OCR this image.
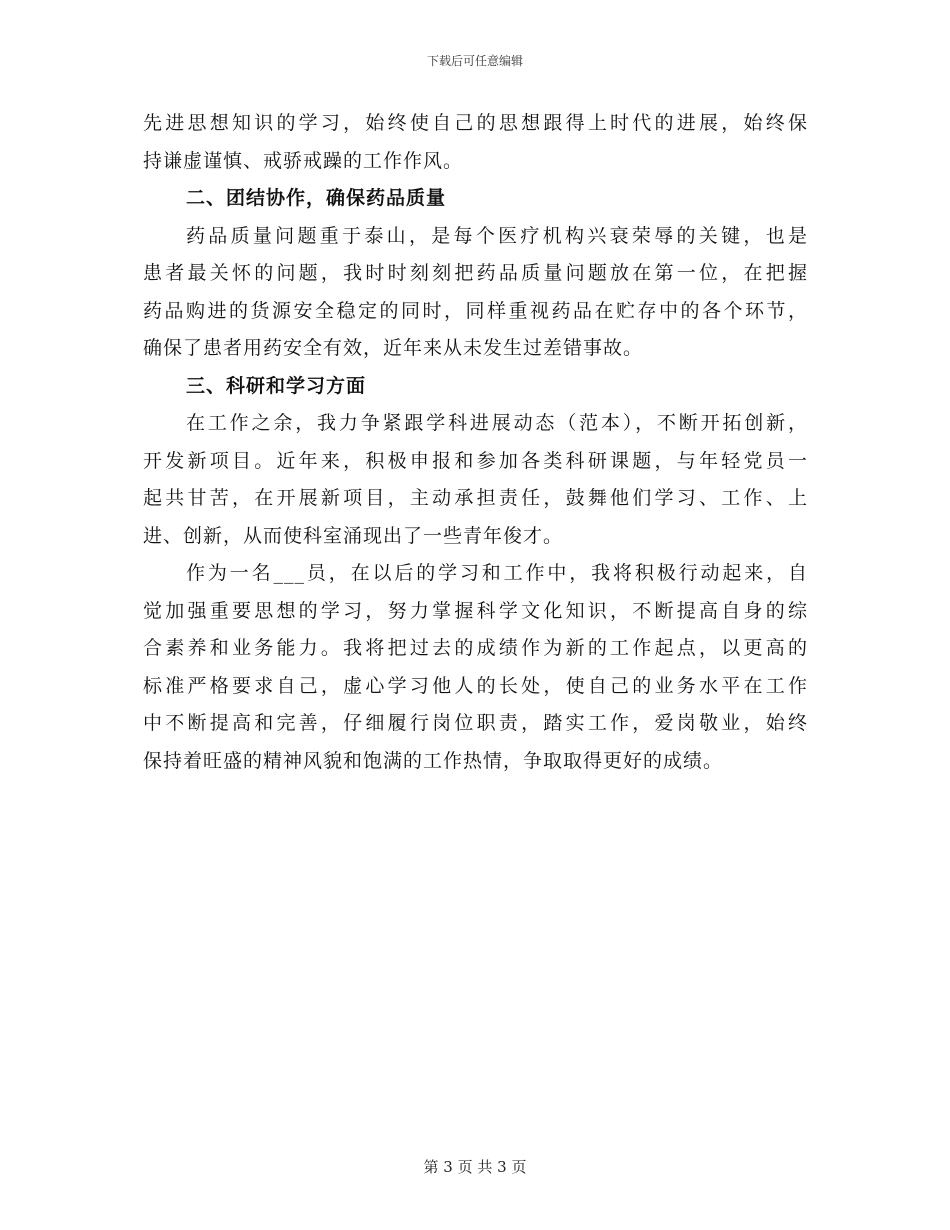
下载后可任意编辑
先进思想知识的学习，始终使自己的思想跟得上时代的进展，始终保
持谦虚谨慎、戒骄戒躁的工作作风。
二、团结协作，确保药品质量
药品质量问题重于泰山，是每个医疗机构兴衰荣辱的关键，也是
患者最关怀的问题，我时时刻刻把药品质量问题放在第一位，在把握
药品购进的货源安全稳定的同时，同样重视药品在贮存中的各个环节，
确保了患者用药安全有效，近年来从未发生过差错事故。
三、科研和学习方面
在工作之余，我力争紧跟学科进展动态（范本），不断开拓创新，
开发新项目。近年来，积极申报和参加各类科研课题，与年轻党员一
起共甘苦，在开展新项目，主动承担责任，鼓舞他们学习、工作、上
进、创新，从而使科室涌现出了一些青年俊才。
作为一名___员，在以后的学习和工作中，我将积极行动起来，自
觉加强重要思想的学习，努力掌握科学文化知识，不断提高自身的综
合素养和业务能力。我将把过去的成绩作为新的工作起点，以更高的
标准严格要求自己，虚心学习他人的长处，使自己的业务水平在工作
中不断提高和完善，仔细履行岗位职责，踏实工作，爱岗敬业，始终
保持着旺盛的精神风貌和饱满的工作热情，争取取得更好的成绩。
第 3 页 共 3 页
